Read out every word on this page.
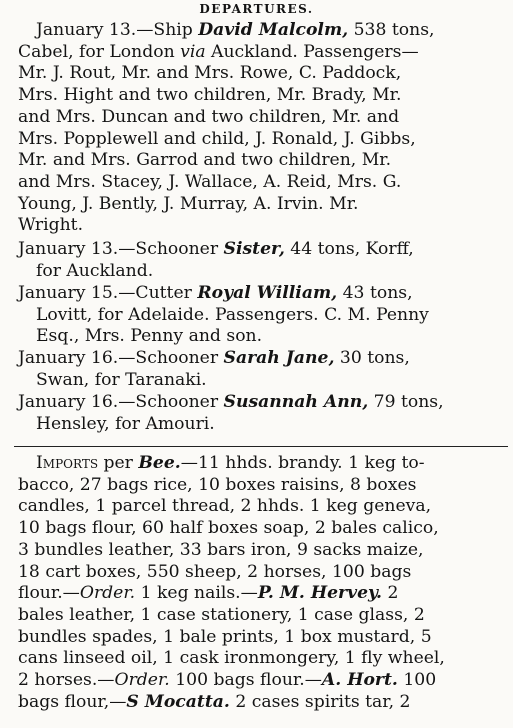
DEPARTURES.
January 13.—Ship David Malcolm, 538 tons,
Cabel, for London via Auckland. Passengers—
Mr. J. Rout, Mr. and Mrs. Rowe, C. Paddock,
Mrs. Hight and two children, Mr. Brady, Mr.
and Mrs. Duncan and two children, Mr. and
Mrs. Popplewell and child, J. Ronald, J. Gibbs,
Mr. and Mrs. Garrod and two children, Mr.
and Mrs. Stacey, J. Wallace, A. Reid, Mrs. G.
Young, J. Bently, J. Murray, A. Irvin. Mr.
Wright.
January 13.—Schooner Sister, 44 tons, Korff,
for Auckland.
January 15.—Cutter Royal William, 43 tons,
Lovitt, for Adelaide. Passengers. C. M. Penny
Esq., Mrs. Penny and son.
January 16.—Schooner Sarah Jane, 30 tons,
Swan, for Taranaki.
January 16.—Schooner Susannah Ann, 79 tons,
Hensley, for Amouri.
Imports per Bee.—11 hhds. brandy. 1 keg to-
bacco, 27 bags rice, 10 boxes raisins, 8 boxes
candles, 1 parcel thread, 2 hhds. 1 keg geneva,
10 bags flour, 60 half boxes soap, 2 bales calico,
3 bundles leather, 33 bars iron, 9 sacks maize,
18 cart boxes, 550 sheep, 2 horses, 100 bags
flour.—Order. 1 keg nails.—P. M. Hervey. 2
bales leather, 1 case stationery, 1 case glass, 2
bundles spades, 1 bale prints, 1 box mustard, 5
cans linseed oil, 1 cask ironmongery, 1 fly wheel,
2 horses.—Order. 100 bags flour.—A. Hort. 100
bags flour,—S Mocatta. 2 cases spirits tar, 2
